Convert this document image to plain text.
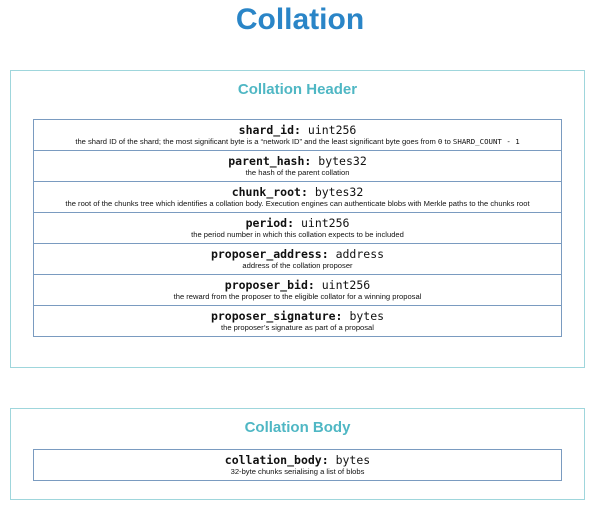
Collation
Collation Header
shard_id: uint256
the shard ID of the shard; the most significant byte is a “network ID” and the least significant byte goes from 0 to SHARD_COUNT - 1
parent_hash: bytes32
the hash of the parent collation
chunk_root: bytes32
the root of the chunks tree which identifies a collation body. Execution engines can authenticate blobs with Merkle paths to the chunks root
period: uint256
the period number in which this collation expects to be included
proposer_address: address
address of the collation proposer
proposer_bid: uint256
the reward from the proposer to the eligible collator for a winning proposal
proposer_signature: bytes
the proposer’s signature as part of a proposal
Collation Body
collation_body: bytes
32-byte chunks serialising a list of blobs
